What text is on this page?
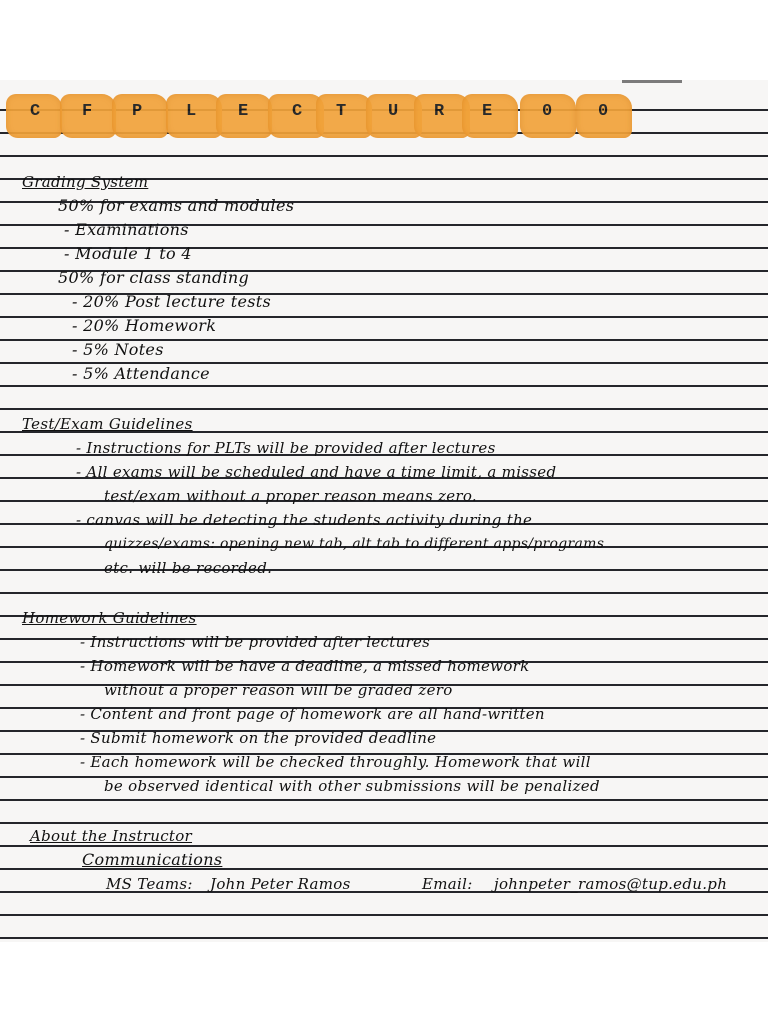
C F P	L E	C T U R E	0	0
Grading System
50% for exams and modules
- Examinations
- Module 1 to 4
50% for class standing
- 20% Post lecture tests
- 20% Homework
- 5% Notes
- 5% Attendance
Test/Exam Guidelines
- Instructions for PLTs will be provided after lectures
- All exams will be scheduled and have a time limit, a missed
test/exam without a proper reason means zero.
- canvas will be detecting the students activity during the
quizzes/exams: opening new tab, alt tab to different apps/programs
etc. will be recorded.
Homework Guidelines
- Instructions will be provided after lectures
- Homework will be have a deadline, a missed homework
without a proper reason will be graded zero
- Content and front page of homework are all hand-written
- Submit homework on the provided deadline
- Each homework will be checked throughly. Homework that will
be observed identical with other submissions will be penalized
About the Instructor
Communications
MS Teams: John Peter Ramos	Email: johnpeter_ramos@tup.edu.ph
